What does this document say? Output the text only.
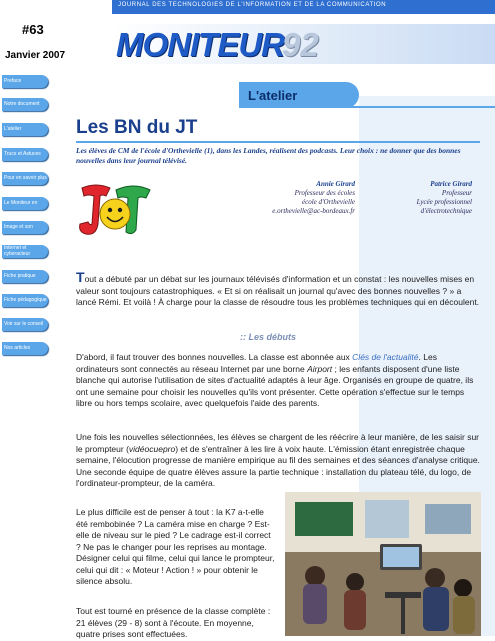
#63
Janvier 2007
JOURNAL DES TECHNOLOGIES DE L'INFORMATION ET DE LA COMMUNICATION
MONITEUR
92
Preface
Notre document
L'atelier
Trucs et Astuces
Pour en savoir plus
Le Moniteur en
Image et son
Internet et cyberacteur
Fiche pratique
Fiche pédagogique
Voir sur le conseil
Nos articles
L'atelier
Les BN du JT
Les élèves de CM de l'école d'Orthevielle (1), dans les Landes, réalisent des podcasts. Leur choix : ne donner que des bonnes nouvelles dans leur journal télévisé.
Annie Girard
Professeur des écoles
école d'Orthevielle
e.orthevielle@ac-bordeaux.fr
Patrice Girard
Professeur
Lycée professionnel
d'électrotechnique
Tout a débuté par un débat sur les journaux télévisés d'information et un constat : les nouvelles mises en valeur sont toujours catastrophiques. « Et si on réalisait un journal qu'avec des bonnes nouvelles ? » a lancé Rémi. Et voilà ! À charge pour la classe de résoudre tous les problèmes techniques qui en découlent.
:: Les débuts
D'abord, il faut trouver des bonnes nouvelles. La classe est abonnée aux Clés de l'actualité. Les ordinateurs sont connectés au réseau Internet par une borne Airport ; les enfants disposent d'une liste blanche qui autorise l'utilisation de sites d'actualité adaptés à leur âge. Organisés en groupe de quatre, ils ont une semaine pour choisir les nouvelles qu'ils vont présenter. Cette opération s'effectue sur le temps libre ou hors temps scolaire, avec quelquefois l'aide des parents.
Une fois les nouvelles sélectionnées, les élèves se chargent de les réécrire à leur manière, de les saisir sur le prompteur (vidéocuepro) et de s'entraîner à les lire à voix haute. L'émission étant enregistrée chaque semaine, l'élocution progresse de manière empirique au fil des semaines et des séances d'analyse critique. Une seconde équipe de quatre élèves assure la partie technique : installation du plateau télé, du logo, de l'ordinateur-prompteur, de la caméra.
Le plus difficile est de penser à tout : la K7 a-t-elle été rembobinée ? La caméra mise en charge ? Est-elle de niveau sur le pied ? Le cadrage est-il correct ? Ne pas le changer pour les reprises au montage. Désigner celui qui filme, celui qui lance le prompteur, celui qui dit : « Moteur ! Action ! » pour obtenir le silence absolu.
Tout est tourné en présence de la classe complète : 21 élèves (29 - 8) sont à l'écoute. En moyenne, quatre prises sont effectuées.
